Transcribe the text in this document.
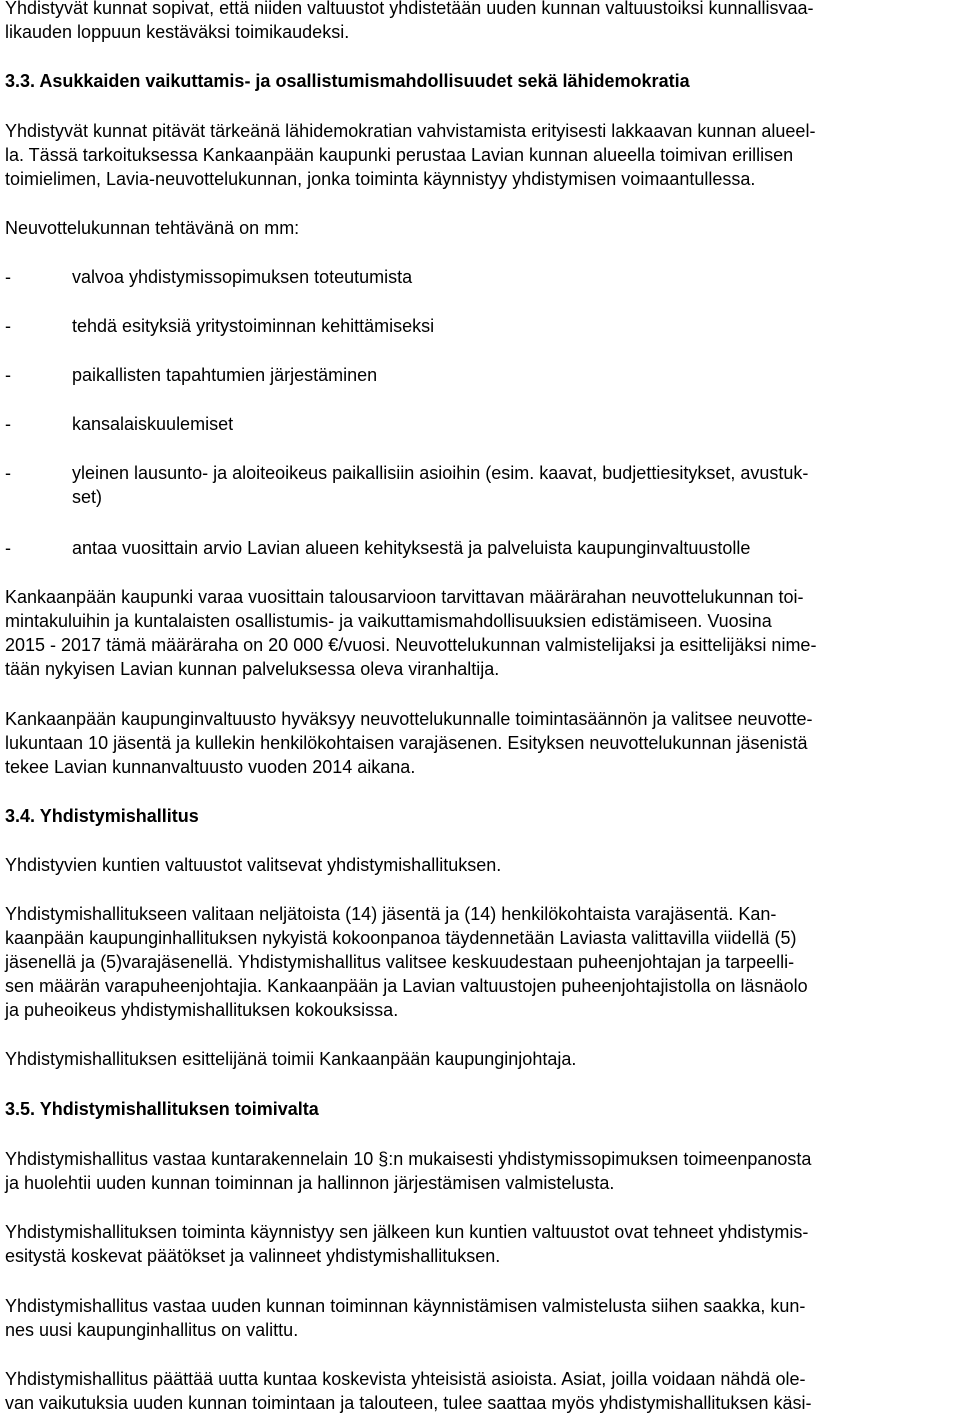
Yhdistyvät kunnat sopivat, että niiden valtuustot yhdistetään uuden kunnan valtuustoiksi kunnallisvaa-
likauden loppuun kestäväksi toimikaudeksi.
3.3. Asukkaiden vaikuttamis- ja osallistumismahdollisuudet sekä lähidemokratia
Yhdistyvät kunnat pitävät tärkeänä lähidemokratian vahvistamista erityisesti lakkaavan kunnan alueel-
la. Tässä tarkoituksessa Kankaanpään kaupunki perustaa Lavian kunnan alueella toimivan erillisen
toimielimen, Lavia-neuvottelukunnan, jonka toiminta käynnistyy yhdistymisen voimaantullessa.
Neuvottelukunnan tehtävänä on mm:
-	valvoa yhdistymissopimuksen toteutumista
-	tehdä esityksiä yritystoiminnan kehittämiseksi
-	paikallisten tapahtumien järjestäminen
-	kansalaiskuulemiset
-	yleinen lausunto- ja aloiteoikeus paikallisiin asioihin (esim. kaavat, budjettiesitykset, avustuk-
set)
-	antaa vuosittain arvio Lavian alueen kehityksestä ja palveluista kaupunginvaltuustolle
Kankaanpään kaupunki varaa vuosittain talousarvioon tarvittavan määrärahan neuvottelukunnan toi-
mintakuluihin ja kuntalaisten osallistumis- ja vaikuttamismahdollisuuksien edistämiseen. Vuosina
2015 - 2017 tämä määräraha on 20 000 €/vuosi. Neuvottelukunnan valmistelijaksi ja esittelijäksi nime-
tään nykyisen Lavian kunnan palveluksessa oleva viranhaltija.
Kankaanpään kaupunginvaltuusto hyväksyy neuvottelukunnalle toimintasäännön ja valitsee neuvotte-
lukuntaan 10 jäsentä ja kullekin henkilökohtaisen varajäsenen. Esityksen neuvottelukunnan jäsenistä
tekee Lavian kunnanvaltuusto vuoden 2014 aikana.
3.4. Yhdistymishallitus
Yhdistyvien kuntien valtuustot valitsevat yhdistymishallituksen.
Yhdistymishallitukseen valitaan neljätoista (14) jäsentä ja (14) henkilökohtaista varajäsentä. Kan-
kaanpään kaupunginhallituksen nykyistä kokoonpanoa täydennetään Laviasta valittavilla viidellä (5)
jäsenellä ja (5)varajäsenellä. Yhdistymishallitus valitsee keskuudestaan puheenjohtajan ja tarpeelli-
sen määrän varapuheenjohtajia. Kankaanpään ja Lavian valtuustojen puheenjohtajistolla on läsnäolo
ja puheoikeus yhdistymishallituksen kokouksissa.
Yhdistymishallituksen esittelijänä toimii Kankaanpään kaupunginjohtaja.
3.5. Yhdistymishallituksen toimivalta
Yhdistymishallitus vastaa kuntarakennelain 10 §:n mukaisesti yhdistymissopimuksen toimeenpanosta
ja huolehtii uuden kunnan toiminnan ja hallinnon järjestämisen valmistelusta.
Yhdistymishallituksen toiminta käynnistyy sen jälkeen kun kuntien valtuustot ovat tehneet yhdistymis-
esitystä koskevat päätökset ja valinneet yhdistymishallituksen.
Yhdistymishallitus vastaa uuden kunnan toiminnan käynnistämisen valmistelusta siihen saakka, kun-
nes uusi kaupunginhallitus on valittu.
Yhdistymishallitus päättää uutta kuntaa koskevista yhteisistä asioista. Asiat, joilla voidaan nähdä ole-
van vaikutuksia uuden kunnan toimintaan ja talouteen, tulee saattaa myös yhdistymishallituksen käsi-
